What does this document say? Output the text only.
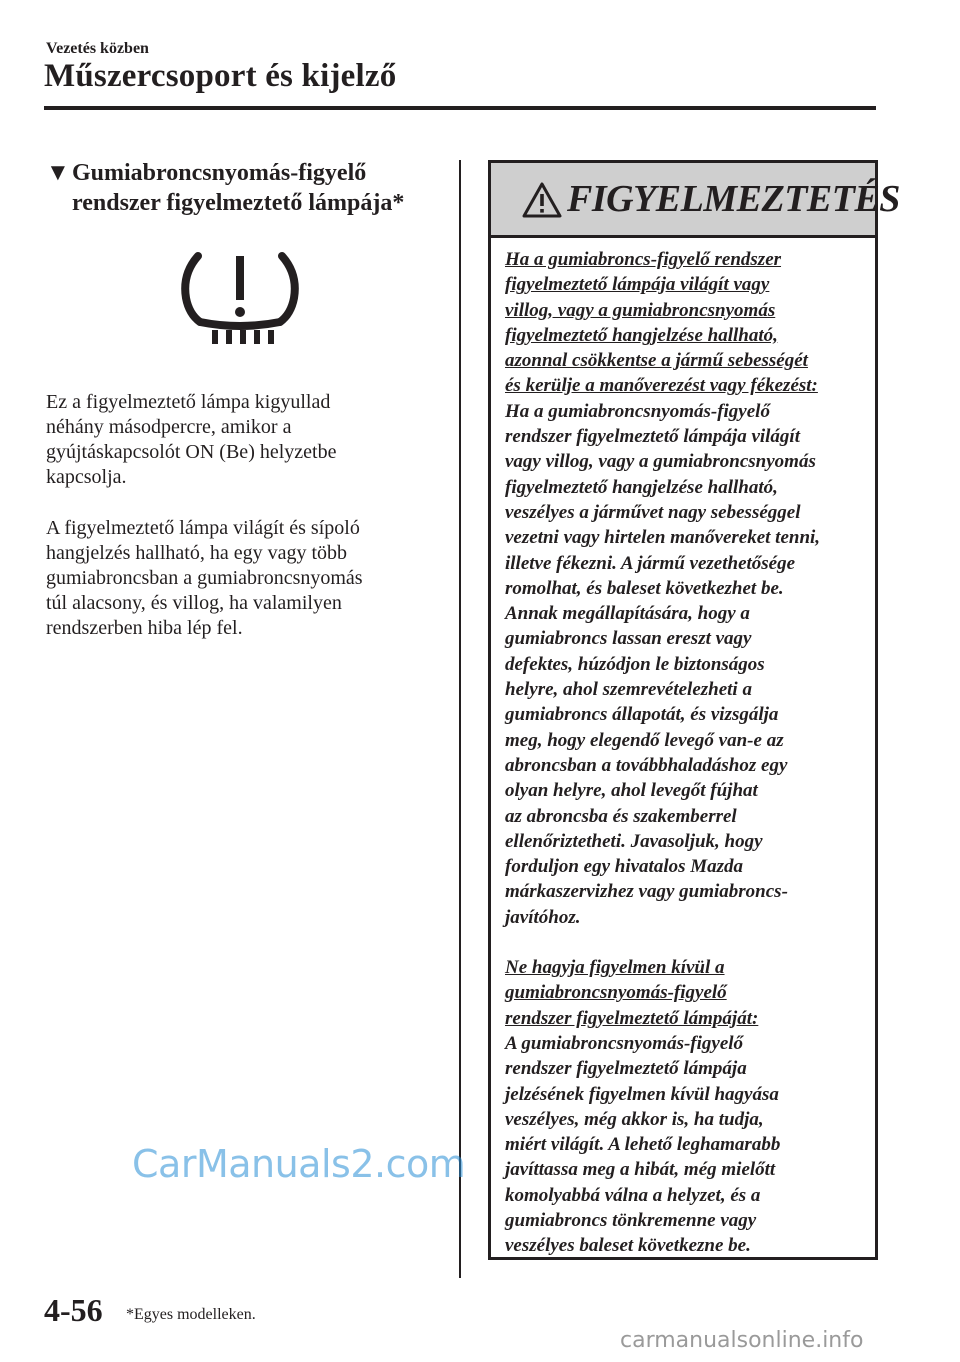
Vezetés közben
Műszercsoport és kijelző
▼Gumiabroncsnyomás-figyelő
rendszer figyelmeztető lámpája*
Ez a figyelmeztető lámpa kigyullad
néhány másodpercre, amikor a
gyújtáskapcsolót ON (Be) helyzetbe
kapcsolja.
A figyelmeztető lámpa világít és sípoló
hangjelzés hallható, ha egy vagy több
gumiabroncsban a gumiabroncsnyomás
túl alacsony, és villog, ha valamilyen
rendszerben hiba lép fel.
FIGYELMEZTETÉS
Ha a gumiabroncs-figyelő rendszer
figyelmeztető lámpája világít vagy
villog, vagy a gumiabroncsnyomás
figyelmeztető hangjelzése hallható,
azonnal csökkentse a jármű sebességét
és kerülje a manőverezést vagy fékezést:
Ha a gumiabroncsnyomás-figyelő
rendszer figyelmeztető lámpája világít
vagy villog, vagy a gumiabroncsnyomás
figyelmeztető hangjelzése hallható,
veszélyes a járművet nagy sebességgel
vezetni vagy hirtelen manővereket tenni,
illetve fékezni. A jármű vezethetősége
romolhat, és baleset következhet be.
Annak megállapítására, hogy a
gumiabroncs lassan ereszt vagy
defektes, húzódjon le biztonságos
helyre, ahol szemrevételezheti a
gumiabroncs állapotát, és vizsgálja
meg, hogy elegendő levegő van-e az
abroncsban a továbbhaladáshoz egy
olyan helyre, ahol levegőt fújhat
az abroncsba és szakemberrel
ellenőriztetheti. Javasoljuk, hogy
forduljon egy hivatalos Mazda
márkaszervizhez vagy gumiabroncs-
javítóhoz.
Ne hagyja figyelmen kívül a
gumiabroncsnyomás-figyelő
rendszer figyelmeztető lámpáját:
A gumiabroncsnyomás-figyelő
rendszer figyelmeztető lámpája
jelzésének figyelmen kívül hagyása
veszélyes, még akkor is, ha tudja,
miért világít. A lehető leghamarabb
javíttassa meg a hibát, még mielőtt
komolyabbá válna a helyzet, és a
gumiabroncs tönkremenne vagy
veszélyes baleset következne be.
CarManuals2.com
4-56 *Egyes modelleken.
carmanualsonline.info
